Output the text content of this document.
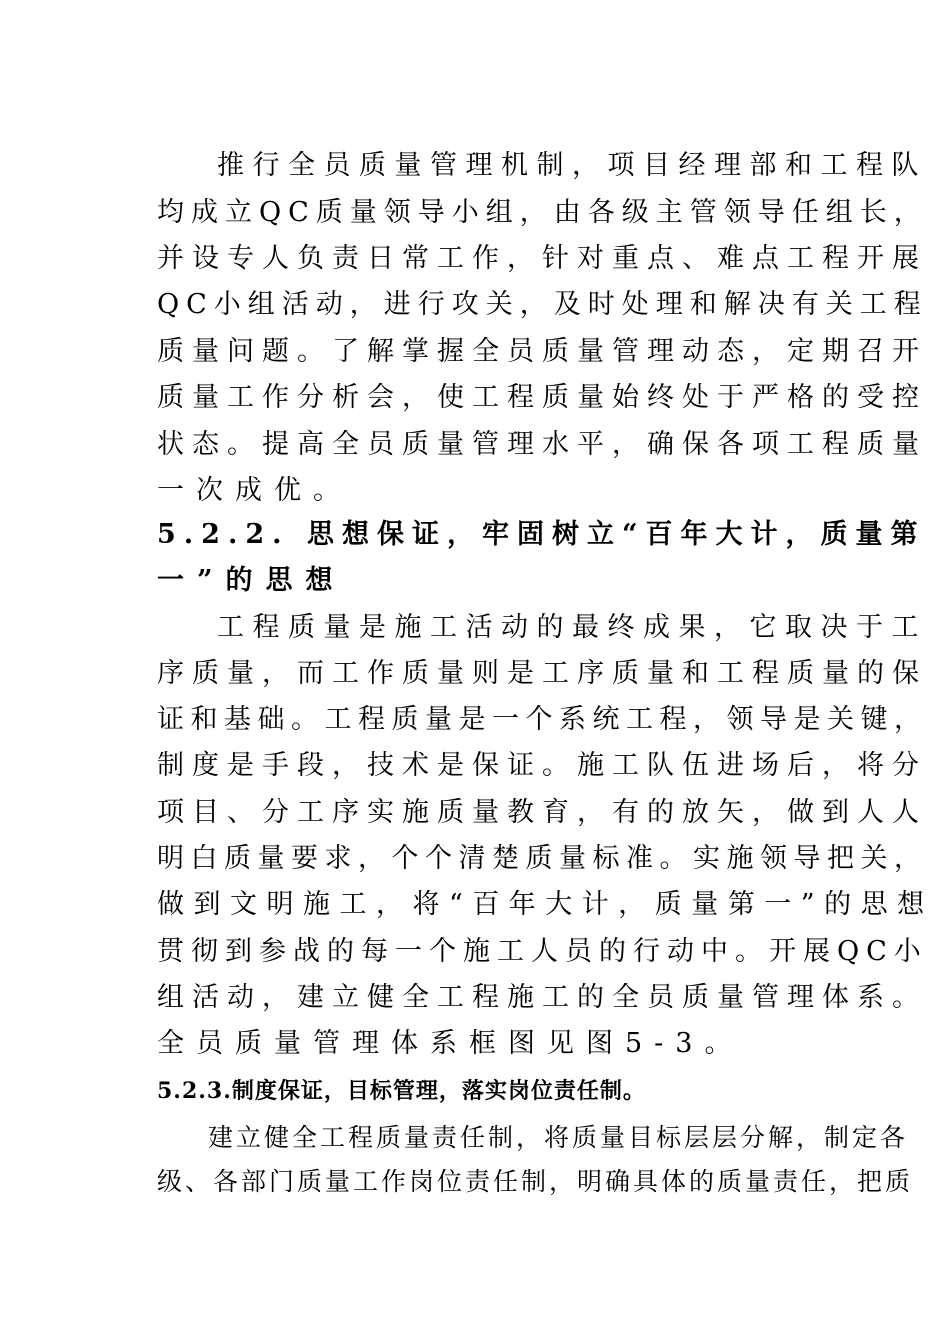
推行全员质量管理机制，项目经理部和工程队
均成立QC质量领导小组，由各级主管领导任组长，
并设专人负责日常工作，针对重点、难点工程开展
QC小组活动，进行攻关，及时处理和解决有关工程
质量问题。了解掌握全员质量管理动态，定期召开
质量工作分析会，使工程质量始终处于严格的受控
状态。提高全员质量管理水平，确保各项工程质量
一次成优。
5.2.2. 思想保证，牢固树立“百年大计，质量第
一”的思想
工程质量是施工活动的最终成果，它取决于工
序质量，而工作质量则是工序质量和工程质量的保
证和基础。工程质量是一个系统工程，领导是关键，
制度是手段，技术是保证。施工队伍进场后，将分
项目、分工序实施质量教育，有的放矢，做到人人
明白质量要求，个个清楚质量标准。实施领导把关，
做到文明施工，将“百年大计，质量第一”的思想
贯彻到参战的每一个施工人员的行动中。开展QC小
组活动，建立健全工程施工的全员质量管理体系。
全员质量管理体系框图见图5-3。
5.2.3.制度保证，目标管理，落实岗位责任制。
建立健全工程质量责任制，将质量目标层层分解，制定各
级、各部门质量工作岗位责任制，明确具体的质量责任，把质
